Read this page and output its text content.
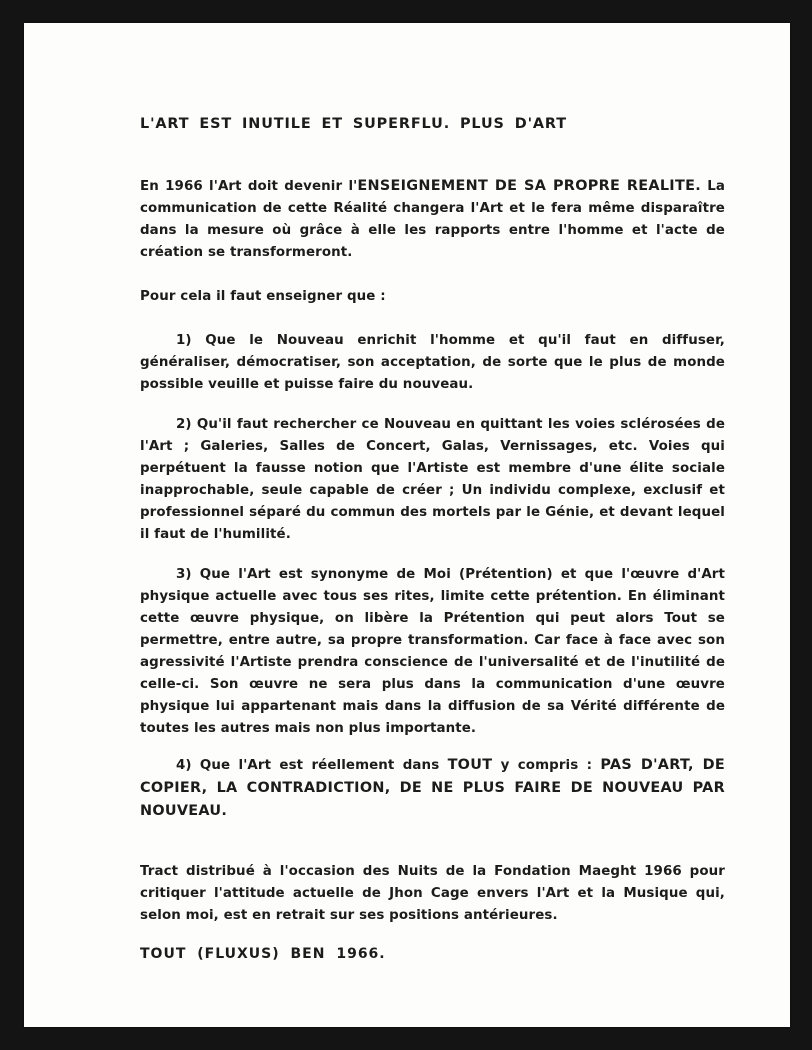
L'ART EST INUTILE ET SUPERFLU. PLUS D'ART

En 1966 l'Art doit devenir l'ENSEIGNEMENT DE SA PROPRE REALITE. La communication de cette Réalité changera l'Art et le fera même disparaître dans la mesure où grâce à elle les rapports entre l'homme et l'acte de création se transformeront.

Pour cela il faut enseigner que :

1) Que le Nouveau enrichit l'homme et qu'il faut en diffuser, généraliser, démocratiser, son acceptation, de sorte que le plus de monde possible veuille et puisse faire du nouveau.

2) Qu'il faut rechercher ce Nouveau en quittant les voies sclérosées de l'Art ; Galeries, Salles de Concert, Galas, Vernissages, etc. Voies qui perpétuent la fausse notion que l'Artiste est membre d'une élite sociale inapprochable, seule capable de créer ; Un individu complexe, exclusif et professionnel séparé du commun des mortels par le Génie, et devant lequel il faut de l'humilité.

3) Que l'Art est synonyme de Moi (Prétention) et que l'œuvre d'Art physique actuelle avec tous ses rites, limite cette prétention. En éliminant cette œuvre physique, on libère la Prétention qui peut alors Tout se permettre, entre autre, sa propre transformation. Car face à face avec son agressivité l'Artiste prendra conscience de l'universalité et de l'inutilité de celle-ci. Son œuvre ne sera plus dans la communication d'une œuvre physique lui appartenant mais dans la diffusion de sa Vérité différente de toutes les autres mais non plus importante.

4) Que l'Art est réellement dans TOUT y compris : PAS D'ART, DE COPIER, LA CONTRADICTION, DE NE PLUS FAIRE DE NOUVEAU PAR NOUVEAU.

Tract distribué à l'occasion des Nuits de la Fondation Maeght 1966 pour critiquer l'attitude actuelle de Jhon Cage envers l'Art et la Musique qui, selon moi, est en retrait sur ses positions antérieures.

TOUT (FLUXUS) BEN 1966.
